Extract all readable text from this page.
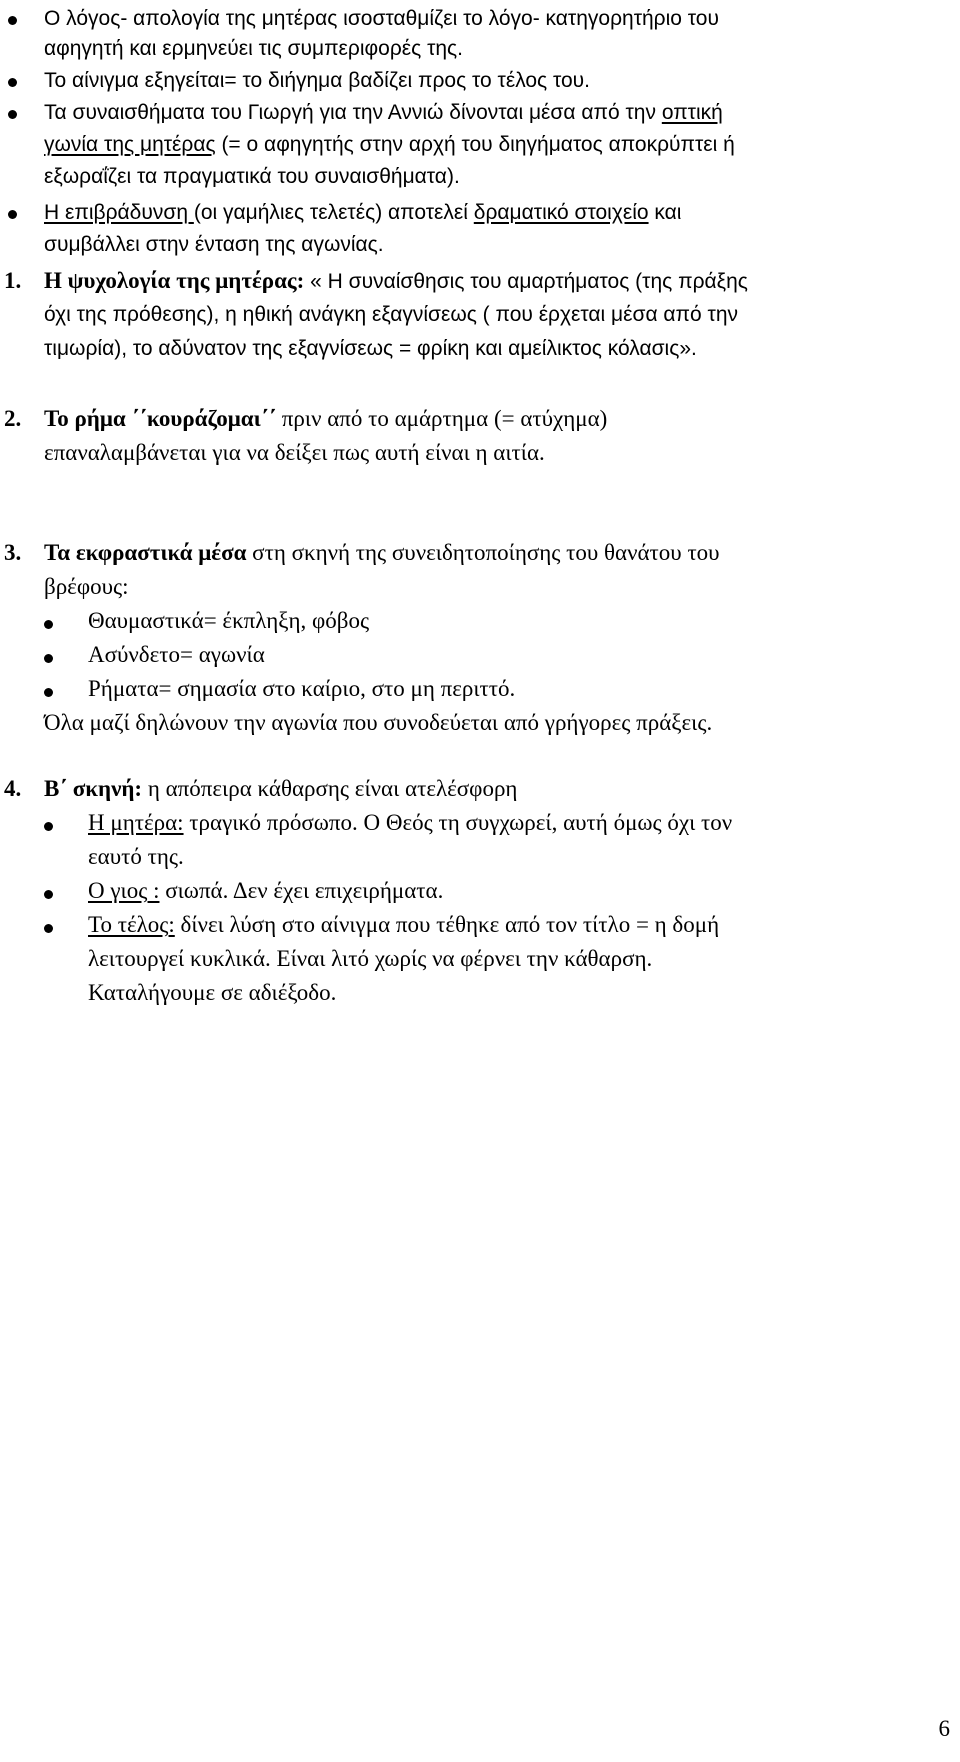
Ο λόγος- απολογία της μητέρας ισοσταθμίζει το λόγο- κατηγορητήριο του
αφηγητή και ερμηνεύει τις συμπεριφορές της.
Το αίνιγμα εξηγείται= το διήγημα βαδίζει προς το τέλος του.
Τα συναισθήματα του Γιωργή για την Αννιώ δίνονται μέσα από την οπτική
γωνία της μητέρας (= ο αφηγητής στην αρχή του διηγήματος αποκρύπτει ή
εξωραΐζει τα πραγματικά του συναισθήματα).
Η επιβράδυνση (οι γαμήλιες τελετές) αποτελεί δραματικό στοιχείο και
συμβάλλει στην ένταση της αγωνίας.
1. Η ψυχολογία της μητέρας: « Η συναίσθησις του αμαρτήματος (της πράξης
όχι της πρόθεσης), η ηθική ανάγκη εξαγνίσεως ( που έρχεται μέσα από την
τιμωρία), το αδύνατον της εξαγνίσεως = φρίκη και αμείλικτος κόλασις».
2. Το ρήμα ΄΄κουράζομαι΄΄ πριν από το αμάρτημα (= ατύχημα)
επαναλαμβάνεται για να δείξει πως αυτή είναι η αιτία.
3. Τα εκφραστικά μέσα στη σκηνή της συνειδητοποίησης του θανάτου του
βρέφους:
Θαυμαστικά= έκπληξη, φόβος
Ασύνδετο= αγωνία
Ρήματα= σημασία στο καίριο, στο μη περιττό.
Όλα μαζί δηλώνουν την αγωνία που συνοδεύεται από γρήγορες πράξεις.
4. Β΄ σκηνή: η απόπειρα κάθαρσης είναι ατελέσφορη
Η μητέρα: τραγικό πρόσωπο. Ο Θεός τη συγχωρεί, αυτή όμως όχι τον
εαυτό της.
Ο γιος : σιωπά. Δεν έχει επιχειρήματα.
Το τέλος: δίνει λύση στο αίνιγμα που τέθηκε από τον τίτλο = η δομή
λειτουργεί κυκλικά. Είναι λιτό χωρίς να φέρνει την κάθαρση.
Καταλήγουμε σε αδιέξοδο.
6
